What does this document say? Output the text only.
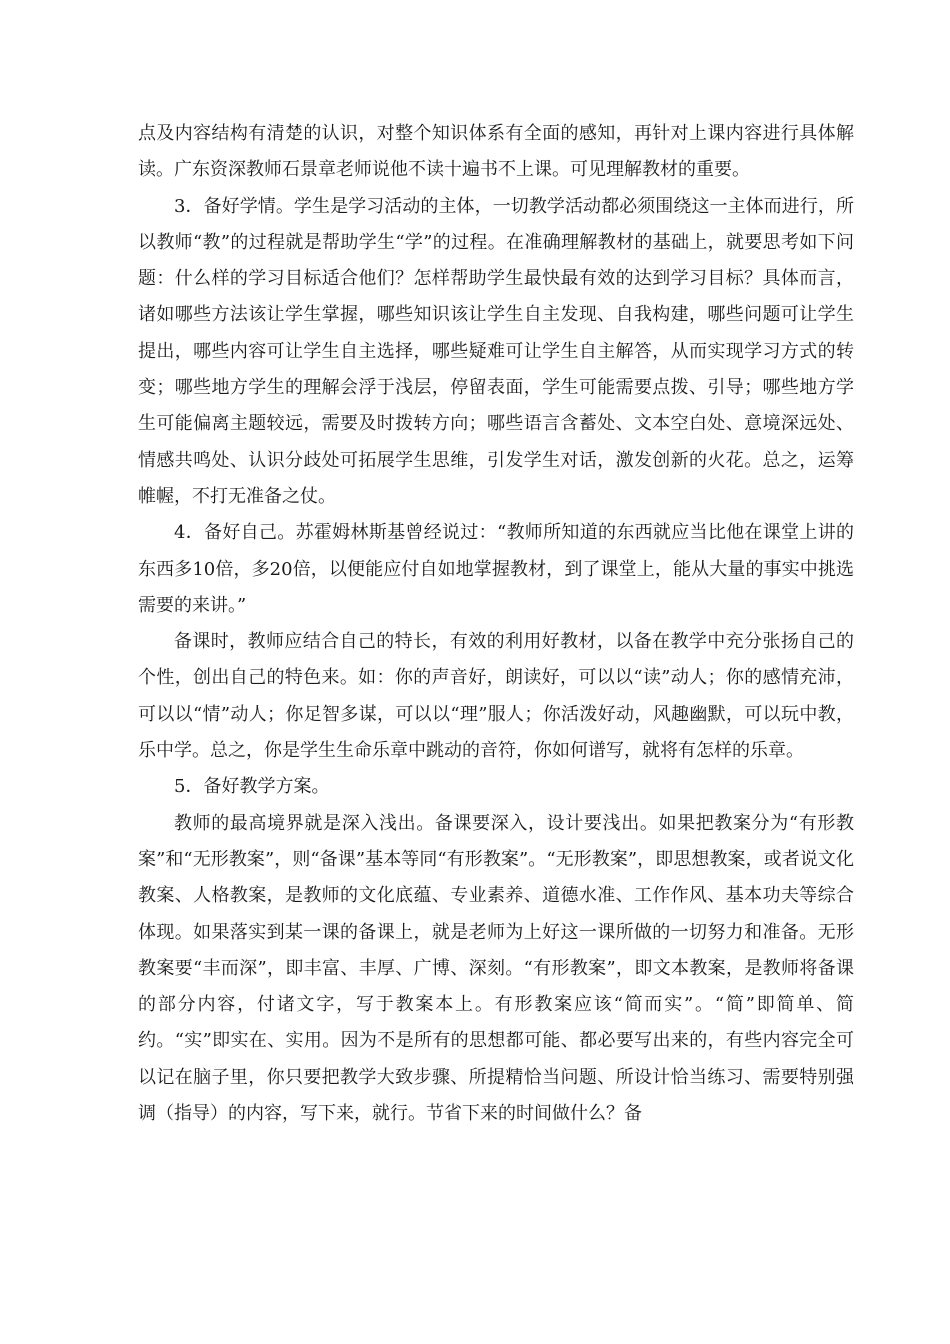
点及内容结构有清楚的认识，对整个知识体系有全面的感知，再针对上课内容进行具体解读。广东资深教师石景章老师说他不读十遍书不上课。可见理解教材的重要。

3．备好学情。学生是学习活动的主体，一切教学活动都必须围绕这一主体而进行，所以教师“教”的过程就是帮助学生“学”的过程。在准确理解教材的基础上，就要思考如下问题：什么样的学习目标适合他们？怎样帮助学生最快最有效的达到学习目标？具体而言，诸如哪些方法该让学生掌握，哪些知识该让学生自主发现、自我构建，哪些问题可让学生提出，哪些内容可让学生自主选择，哪些疑难可让学生自主解答，从而实现学习方式的转变；哪些地方学生的理解会浮于浅层，停留表面，学生可能需要点拨、引导；哪些地方学生可能偏离主题较远，需要及时拨转方向；哪些语言含蓄处、文本空白处、意境深远处、情感共鸣处、认识分歧处可拓展学生思维，引发学生对话，激发创新的火花。总之，运筹帷幄，不打无准备之仗。

4．备好自己。苏霍姆林斯基曾经说过：“教师所知道的东西就应当比他在课堂上讲的东西多10倍，多20倍，以便能应付自如地掌握教材，到了课堂上，能从大量的事实中挑选需要的来讲。”

备课时，教师应结合自己的特长，有效的利用好教材，以备在教学中充分张扬自己的个性，创出自己的特色来。如：你的声音好，朗读好，可以以“读”动人；你的感情充沛，可以以“情”动人；你足智多谋，可以以“理”服人；你活泼好动，风趣幽默，可以玩中教，乐中学。总之，你是学生生命乐章中跳动的音符，你如何谱写，就将有怎样的乐章。

5．备好教学方案。

教师的最高境界就是深入浅出。备课要深入，设计要浅出。如果把教案分为“有形教案”和“无形教案”，则“备课”基本等同“有形教案”。“无形教案”，即思想教案，或者说文化教案、人格教案，是教师的文化底蕴、专业素养、道德水准、工作作风、基本功夫等综合体现。如果落实到某一课的备课上，就是老师为上好这一课所做的一切努力和准备。无形教案要“丰而深”，即丰富、丰厚、广博、深刻。“有形教案”，即文本教案，是教师将备课的部分内容，付诸文字，写于教案本上。有形教案应该“简而实”。“简”即简单、简约。“实”即实在、实用。因为不是所有的思想都可能、都必要写出来的，有些内容完全可以记在脑子里，你只要把教学大致步骤、所提精恰当问题、所设计恰当练习、需要特别强调（指导）的内容，写下来，就行。节省下来的时间做什么？备
